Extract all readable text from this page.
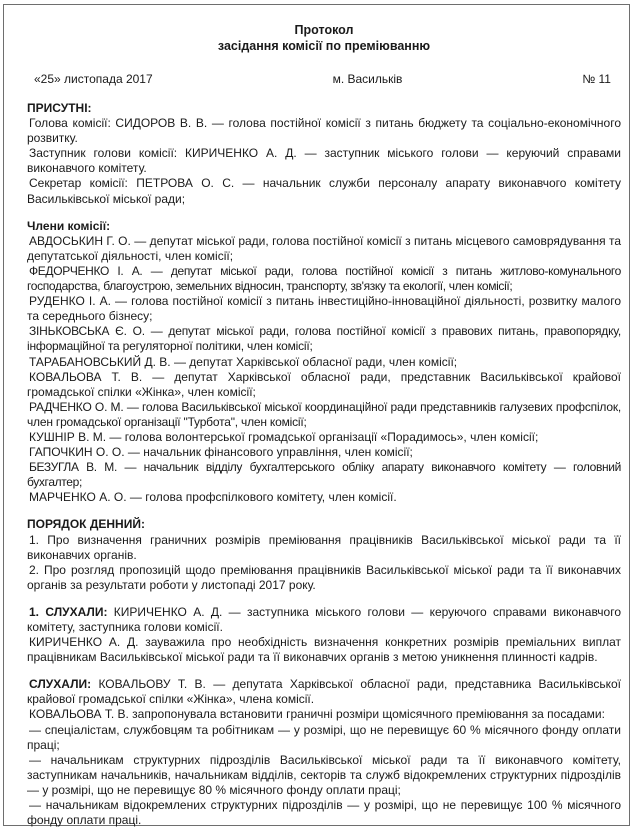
Протокол

засідання комісії по преміюванню

«25» листопада 2017	м. Васильків	№ 11

ПРИСУТНІ:

Голова комісії: СИДОРОВ В. В. — голова постійної комісії з питань бюджету та соціально-економічного розвитку.

Заступник голови комісії: КИРИЧЕНКО А. Д. — заступник міського голови — керуючий справами виконавчого комітету.

Секретар комісії: ПЕТРОВА О. С. — начальник служби персоналу апарату виконавчого комітету Васильківської міської ради;

Члени комісії:

АВДОСЬКИН Г. О. — депутат міської ради, голова постійної комісії з питань місцевого самоврядування та депутатської діяльності, член комісії;

ФЕДОРЧЕНКО І. А. — депутат міської ради, голова постійної комісії з питань житлово-комунального господарства, благоустрою, земельних відносин, транспорту, зв'язку та екології, член комісії;

РУДЕНКО І. А. — голова постійної комісії з питань інвестиційно-інноваційної діяльності, розвитку малого та середнього бізнесу;

ЗІНЬКОВСЬКА Є. О. — депутат міської ради, голова постійної комісії з правових питань, правопорядку, інформаційної та регуляторної політики, член комісії;

ТАРАБАНОВСЬКИЙ Д. В. — депутат Харківської обласної ради, член комісії;

КОВАЛЬОВА Т. В. — депутат Харківської обласної ради, представник Васильківської крайової громадської спілки «Жінка», член комісії;

РАДЧЕНКО О. М. — голова Васильківської міської координаційної ради представників галузевих профспілок, член громадської організації "Турбота", член комісії;

КУШНІР В. М. — голова волонтерської громадської організації «Порадимось», член комісії;

ГАПОЧКИН О. О. — начальник фінансового управління, член комісії;

БЕЗУГЛА В. М. — начальник відділу бухгалтерського обліку апарату виконавчого комітету — головний бухгалтер;

МАРЧЕНКО А. О. — голова профспілкового комітету, член комісії.

ПОРЯДОК ДЕННИЙ:

1. Про визначення граничних розмірів преміювання працівників Васильківської міської ради та її виконавчих органів.

2. Про розгляд пропозицій щодо преміювання працівників Васильківської міської ради та її виконавчих органів за результати роботи у листопаді 2017 року.

1. СЛУХАЛИ: КИРИЧЕНКО А. Д. — заступника міського голови — керуючого справами виконавчого комітету, заступника голови комісії.

КИРИЧЕНКО А. Д. зауважила про необхідність визначення конкретних розмірів преміальних виплат працівникам Васильківської міської ради та її виконавчих органів з метою уникнення плинності кадрів.

СЛУХАЛИ: КОВАЛЬОВУ Т. В. — депутата Харківської обласної ради, представника Васильківської крайової громадської спілки «Жінка», члена комісії.

КОВАЛЬОВА Т. В. запропонувала встановити граничні розміри щомісячного преміювання за посадами:

— спеціалістам, службовцям та робітникам — у розмірі, що не перевищує 60 % місячного фонду оплати праці;

— начальникам структурних підрозділів Васильківської міської ради та її виконавчого комітету, заступникам начальників, начальникам відділів, секторів та служб відокремлених структурних підрозділів — у розмірі, що не перевищує 80 % місячного фонду оплати праці;

— начальникам відокремлених структурних підрозділів — у розмірі, що не перевищує 100 % місячного фонду оплати праці.
